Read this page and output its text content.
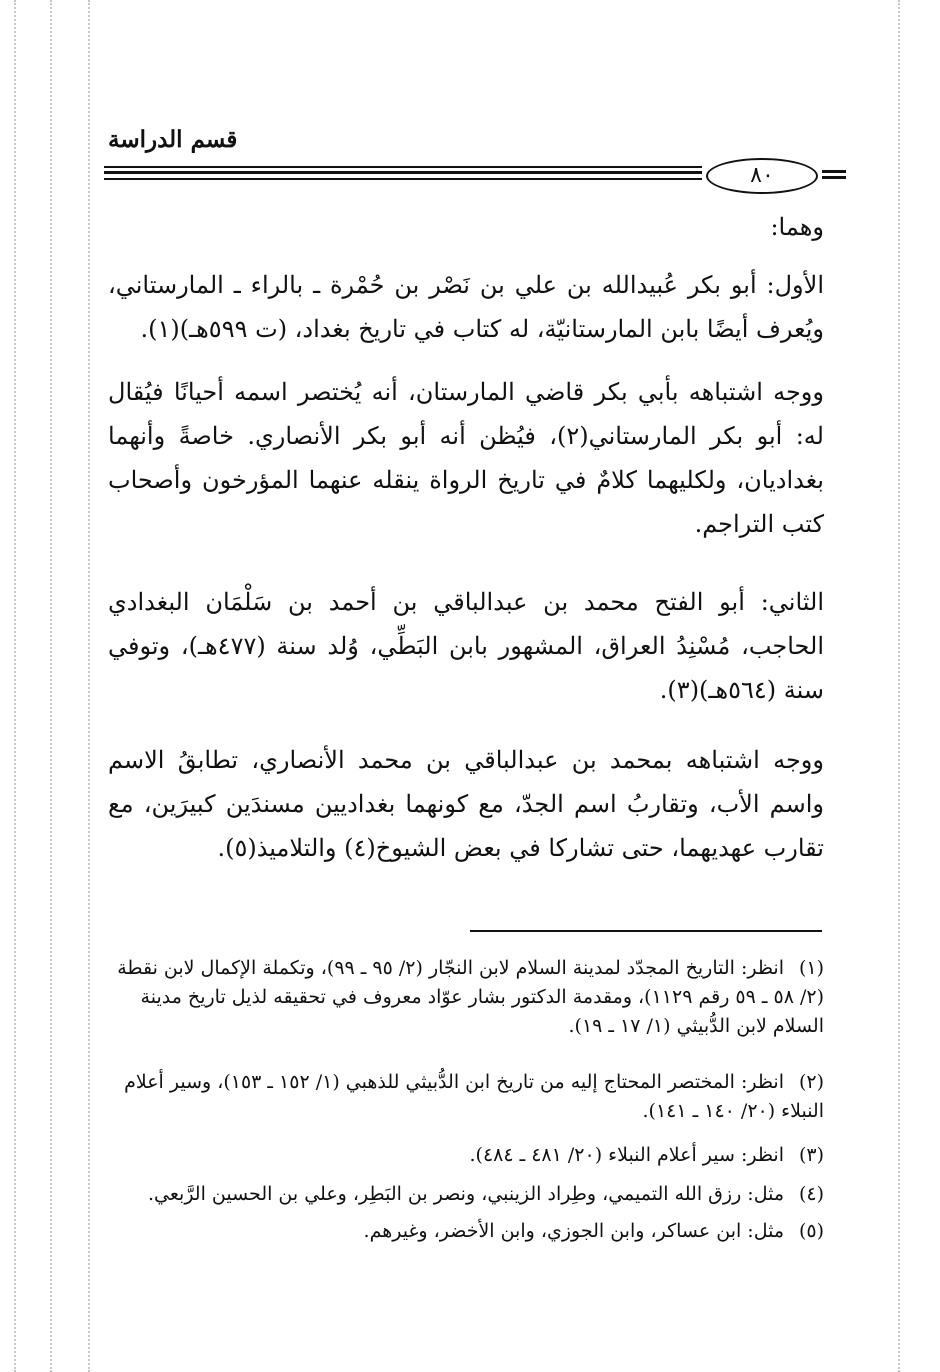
قسم الدراسة
٨٠
وهما:
الأول: أبو بكر عُبيدالله بن علي بن نَصْر بن حُمْرة ـ بالراء ـ المارستاني، ويُعرف أيضًا بابن المارستانيّة، له كتاب في تاريخ بغداد، (ت ٥٩٩هـ)(١).
ووجه اشتباهه بأبي بكر قاضي المارستان، أنه يُختصر اسمه أحيانًا فيُقال له: أبو بكر المارستاني(٢)، فيُظن أنه أبو بكر الأنصاري. خاصةً وأنهما بغداديان، ولكليهما كلامٌ في تاريخ الرواة ينقله عنهما المؤرخون وأصحاب كتب التراجم.
الثاني: أبو الفتح محمد بن عبدالباقي بن أحمد بن سَلْمَان البغدادي الحاجب، مُسْنِدُ العراق، المشهور بابن البَطِّي، وُلد سنة (٤٧٧هـ)، وتوفي سنة (٥٦٤هـ)(٣).
ووجه اشتباهه بمحمد بن عبدالباقي بن محمد الأنصاري، تطابقُ الاسم واسم الأب، وتقاربُ اسم الجدّ، مع كونهما بغداديين مسندَين كبيرَين، مع تقارب عهديهما، حتى تشاركا في بعض الشيوخ(٤) والتلاميذ(٥).
(١)انظر: التاريخ المجدّد لمدينة السلام لابن النجّار (٢/ ٩٥ ـ ٩٩)، وتكملة الإكمال لابن نقطة (٢/ ٥٨ ـ ٥٩ رقم ١١٢٩)، ومقدمة الدكتور بشار عوّاد معروف في تحقيقه لذيل تاريخ مدينة السلام لابن الدُّبيثي (١/ ١٧ ـ ١٩).
(٢)انظر: المختصر المحتاج إليه من تاريخ ابن الدُّبيثي للذهبي (١/ ١٥٢ ـ ١٥٣)، وسير أعلام النبلاء (٢٠/ ١٤٠ ـ ١٤١).
(٣)انظر: سير أعلام النبلاء (٢٠/ ٤٨١ ـ ٤٨٤).
(٤)مثل: رزق الله التميمي، وطِراد الزينبي، ونصر بن البَطِر، وعلي بن الحسين الرَّبعي.
(٥)مثل: ابن عساكر، وابن الجوزي، وابن الأخضر، وغيرهم.
